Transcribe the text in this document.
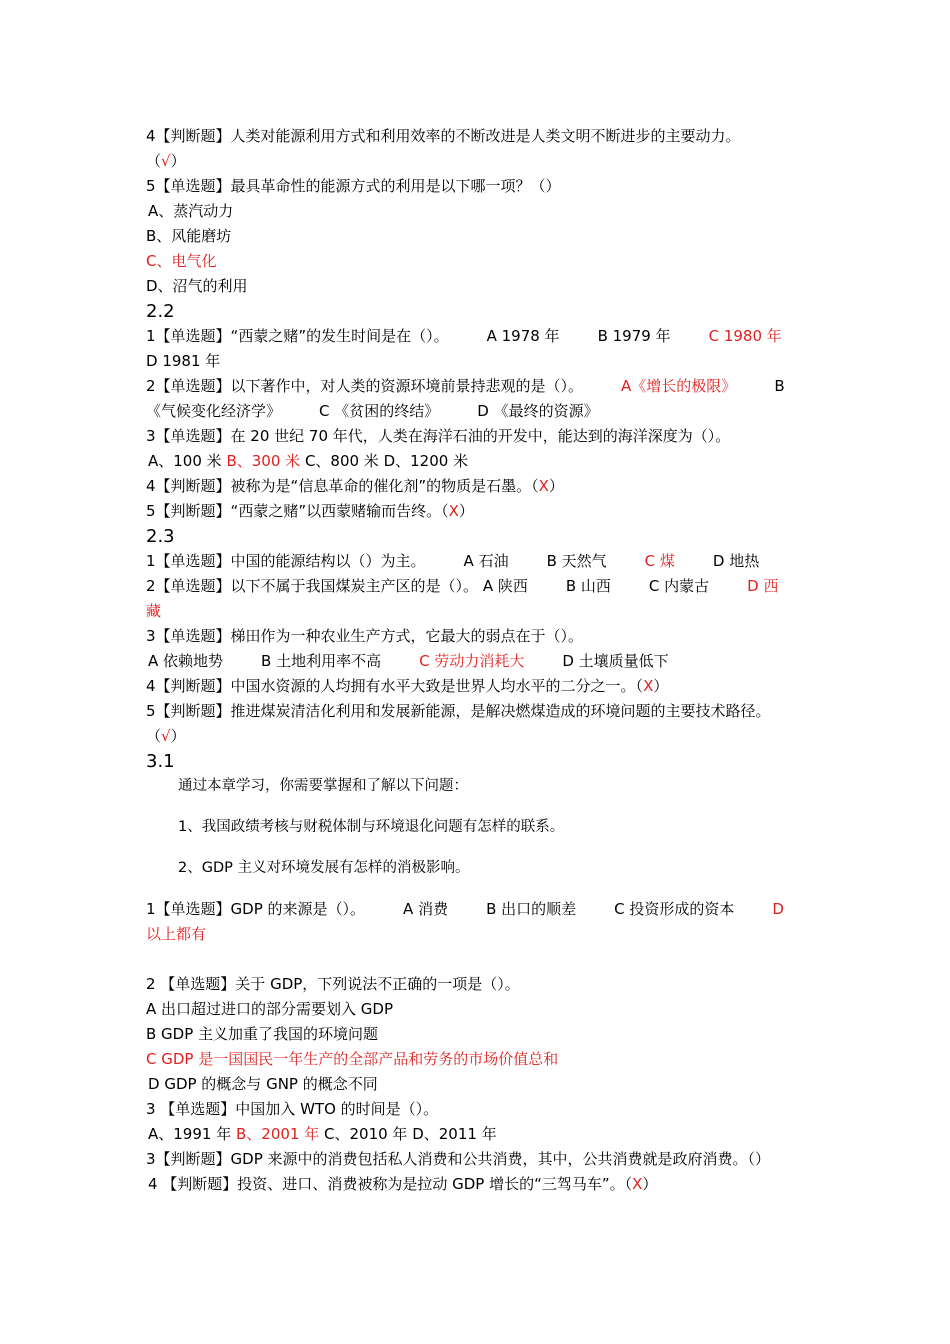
4【判断题】人类对能源利用方式和利用效率的不断改进是人类文明不断进步的主要动力。
（√）
5【单选题】最具革命性的能源方式的利用是以下哪一项？（）
A、蒸汽动力
B、风能磨坊
C、电气化
D、沼气的利用
2.2
1【单选题】“西蒙之赌”的发生时间是在（）。	A 1978 年	B 1979 年	C 1980 年
D 1981 年
2【单选题】以下著作中，对人类的资源环境前景持悲观的是（）。	A《增长的极限》	B
《气候变化经济学》	C 《贫困的终结》	D 《最终的资源》
3【单选题】在 20 世纪 70 年代，人类在海洋石油的开发中，能达到的海洋深度为（）。
A、100 米 B、300 米 C、800 米 D、1200 米
4【判断题】被称为是“信息革命的催化剂”的物质是石墨。（X）
5【判断题】“西蒙之赌”以西蒙赌输而告终。（X）
2.3
1【单选题】中国的能源结构以（）为主。	A 石油	B 天然气	C 煤	D 地热
2【单选题】以下不属于我国煤炭主产区的是（）。 A 陕西	B 山西	C 内蒙古	D 西
藏
3【单选题】梯田作为一种农业生产方式，它最大的弱点在于（）。
A 依赖地势	B 土地利用率不高	C 劳动力消耗大	D 土壤质量低下
4【判断题】中国水资源的人均拥有水平大致是世界人均水平的二分之一。（X）
5【判断题】推进煤炭清洁化利用和发展新能源，是解决燃煤造成的环境问题的主要技术路径。
（√）
3.1
通过本章学习，你需要掌握和了解以下问题：
1、我国政绩考核与财税体制与环境退化问题有怎样的联系。
2、GDP 主义对环境发展有怎样的消极影响。
1【单选题】GDP 的来源是（）。	A 消费	B 出口的顺差	C 投资形成的资本	D
以上都有
2 【单选题】关于 GDP，下列说法不正确的一项是（）。
A 出口超过进口的部分需要划入 GDP
B GDP 主义加重了我国的环境问题
C GDP 是一国国民一年生产的全部产品和劳务的市场价值总和
D GDP 的概念与 GNP 的概念不同
3 【单选题】中国加入 WTO 的时间是（）。
A、1991 年 B、2001 年 C、2010 年 D、2011 年
3【判断题】GDP 来源中的消费包括私人消费和公共消费，其中，公共消费就是政府消费。（）
4 【判断题】投资、进口、消费被称为是拉动 GDP 增长的“三驾马车”。（X）
